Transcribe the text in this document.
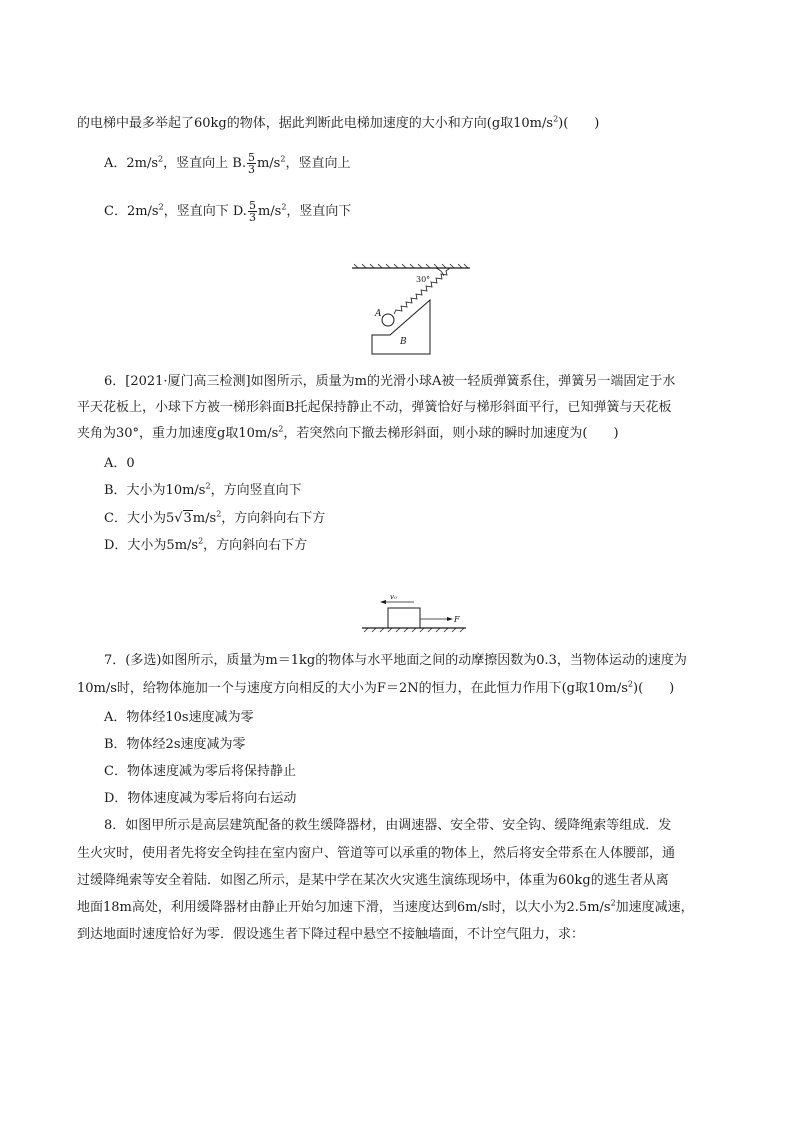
的电梯中最多举起了60kg的物体，据此判断此电梯加速度的大小和方向(g取$10m/s^2$)(　　)
A．$2m/s^2$，竖直向上 B. $\frac{5}{3} m/s^2$，竖直向上
C．$2m/s^2$，竖直向下 D. $\frac{5}{3} m/s^2$，竖直向下
30°
B
A
6．[2021·厦门高三检测]如图所示，质量为m的光滑小球A被一轻质弹簧系住，弹簧另一端固定于水
平天花板上，小球下方被一梯形斜面B托起保持静止不动，弹簧恰好与梯形斜面平行，已知弹簧与天花板
夹角为30°，重力加速度g取$10m/s^2$，若突然向下撤去梯形斜面，则小球的瞬时加速度为(　　)
A．0
B．大小为$10m/s^2$，方向竖直向下
C．大小为$5√3m/s^2$，方向斜向右下方
D．大小为$5m/s^2$，方向斜向右下方
v₀
F
7．(多选)如图所示，质量为m＝1kg的物体与水平地面之间的动摩擦因数为0.3，当物体运动的速度为
10m/s时，给物体施加一个与速度方向相反的大小为F＝2N的恒力，在此恒力作用下(g取$10m/s^2$)(　　)
A．物体经10s速度减为零
B．物体经2s速度减为零
C．物体速度减为零后将保持静止
D．物体速度减为零后将向右运动
8．如图甲所示是高层建筑配备的救生缓降器材，由调速器、安全带、安全钩、缓降绳索等组成．发
生火灾时，使用者先将安全钩挂在室内窗户、管道等可以承重的物体上，然后将安全带系在人体腰部，通
过缓降绳索等安全着陆．如图乙所示，是某中学在某次火灾逃生演练现场中，体重为60kg的逃生者从离
地面18m高处，利用缓降器材由静止开始匀加速下滑，当速度达到6m/s时，以大小为$2.5m/s^2$加速度减速，
到达地面时速度恰好为零．假设逃生者下降过程中悬空不接触墙面，不计空气阻力，求：
